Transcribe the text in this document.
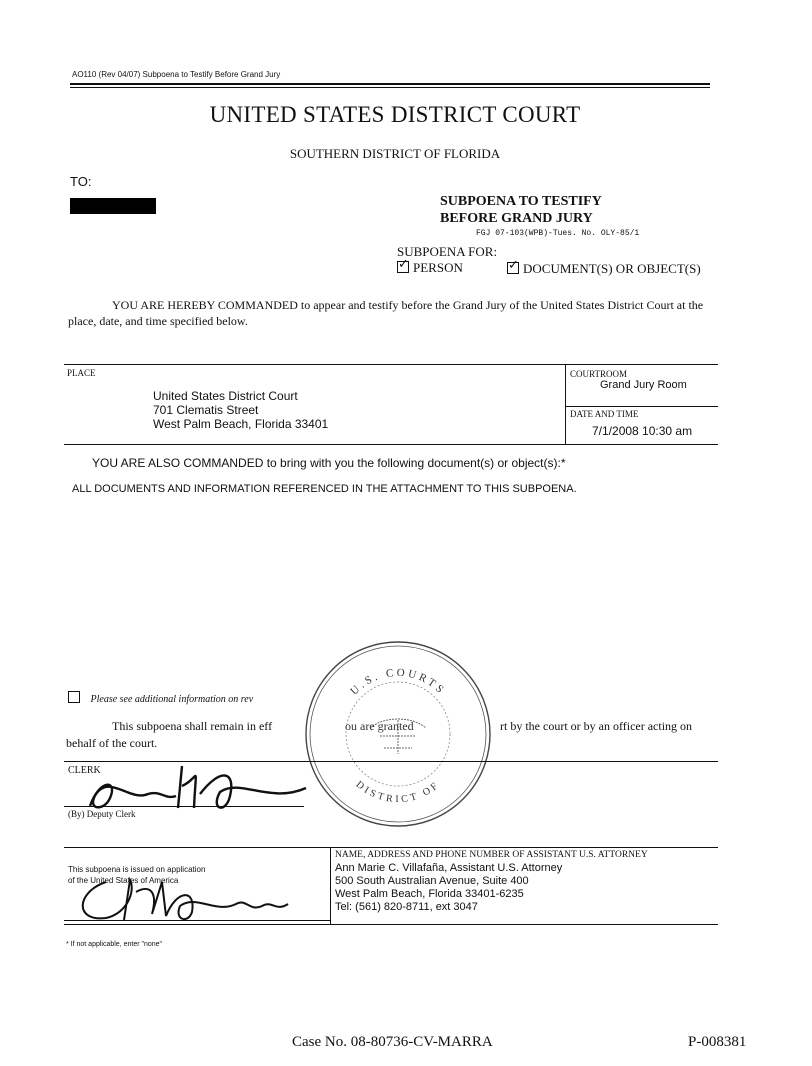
AO110 (Rev 04/07) Subpoena to Testify Before Grand Jury
UNITED STATES DISTRICT COURT
SOUTHERN DISTRICT OF FLORIDA
TO:
SUBPOENA TO TESTIFY
BEFORE GRAND JURY
FGJ 07-103(WPB)-Tues. No. OLY-85/1
SUBPOENA FOR:
✓PERSON ✓	DOCUMENT(S) OR OBJECT(S)
YOU ARE HEREBY COMMANDED to appear and testify before the Grand Jury of the United States District Court at the place, date, and time specified below.
PLACE
United States District Court
701 Clematis Street
West Palm Beach, Florida 33401
COURTROOM
Grand Jury Room
DATE AND TIME
7/1/2008 10:30 am
YOU ARE ALSO COMMANDED to bring with you the following document(s) or object(s):*
ALL DOCUMENTS AND INFORMATION REFERENCED IN THE ATTACHMENT TO THIS SUBPOENA.
U.S. COURTS
DISTRICT OF
Please see additional information on rev
This subpoena shall remain in eff	ou are granted	rt by the court or by an officer acting on
behalf of the court.
CLERK
(By) Deputy Clerk
This subpoena is issued on application
of the United States of America
NAME, ADDRESS AND PHONE NUMBER OF ASSISTANT U.S. ATTORNEY
Ann Marie C. Villafaña, Assistant U.S. Attorney
500 South Australian Avenue, Suite 400
West Palm Beach, Florida 33401-6235
Tel: (561) 820-8711, ext 3047
* If not applicable, enter "none"
Case No. 08-80736-CV-MARRA	P-008381
